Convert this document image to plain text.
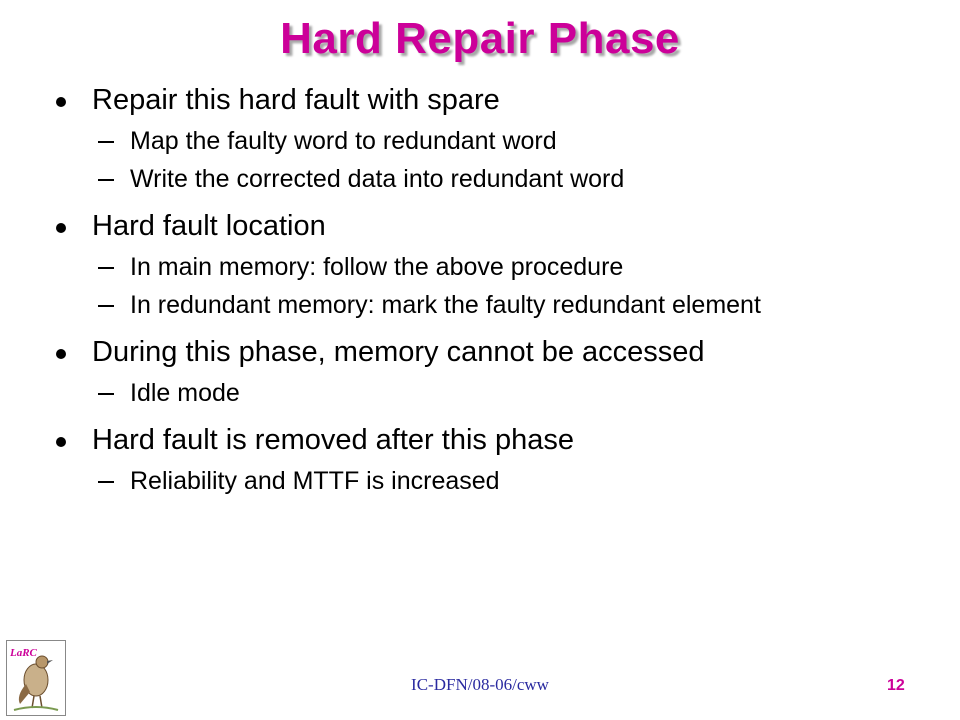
Hard Repair Phase
Repair this hard fault with spare
Map the faulty word to redundant word
Write the corrected data into redundant word
Hard fault location
In main memory: follow the above procedure
In redundant memory: mark the faulty redundant element
During this phase, memory cannot be accessed
Idle mode
Hard fault is removed after this phase
Reliability and MTTF is increased
LaRC
IC-DFN/08-06/cww	12
